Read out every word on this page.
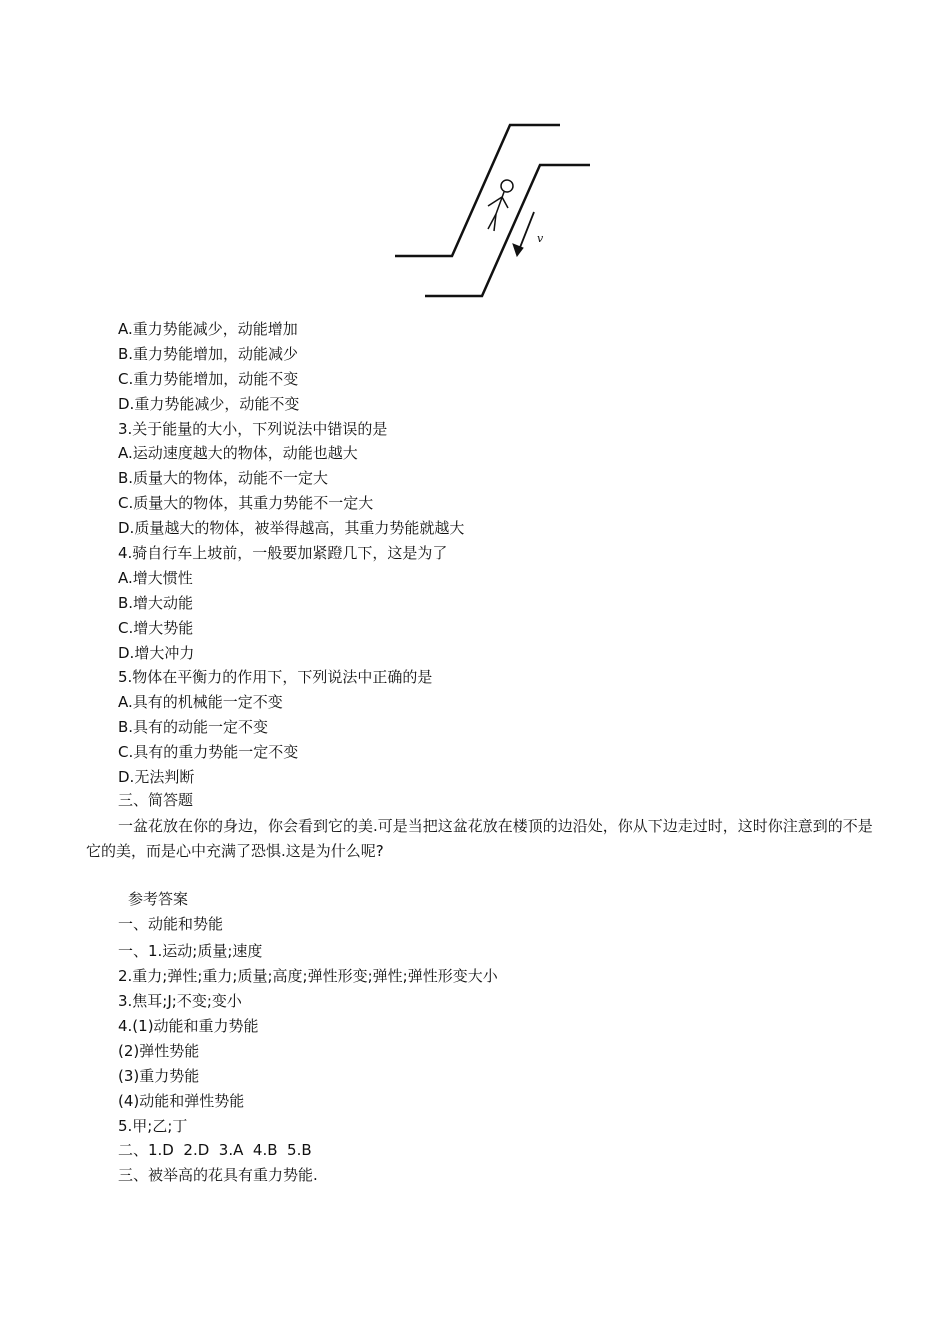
v
A.重力势能减少，动能增加
B.重力势能增加，动能减少
C.重力势能增加，动能不变
D.重力势能减少，动能不变
3.关于能量的大小，下列说法中错误的是
A.运动速度越大的物体，动能也越大
B.质量大的物体，动能不一定大
C.质量大的物体，其重力势能不一定大
D.质量越大的物体，被举得越高，其重力势能就越大
4.骑自行车上坡前，一般要加紧蹬几下，这是为了
A.增大惯性
B.增大动能
C.增大势能
D.增大冲力
5.物体在平衡力的作用下，下列说法中正确的是
A.具有的机械能一定不变
B.具有的动能一定不变
C.具有的重力势能一定不变
D.无法判断
三、简答题
一盆花放在你的身边，你会看到它的美.可是当把这盆花放在楼顶的边沿处，你从下边走过时，这时你注意到的不是它的美，而是心中充满了恐惧.这是为什么呢?
参考答案
一、动能和势能
一、1.运动;质量;速度
2.重力;弹性;重力;质量;高度;弹性形变;弹性;弹性形变大小
3.焦耳;J;不变;变小
4.(1)动能和重力势能
(2)弹性势能
(3)重力势能
(4)动能和弹性势能
5.甲;乙;丁
二、1.D  2.D  3.A  4.B  5.B
三、被举高的花具有重力势能.
